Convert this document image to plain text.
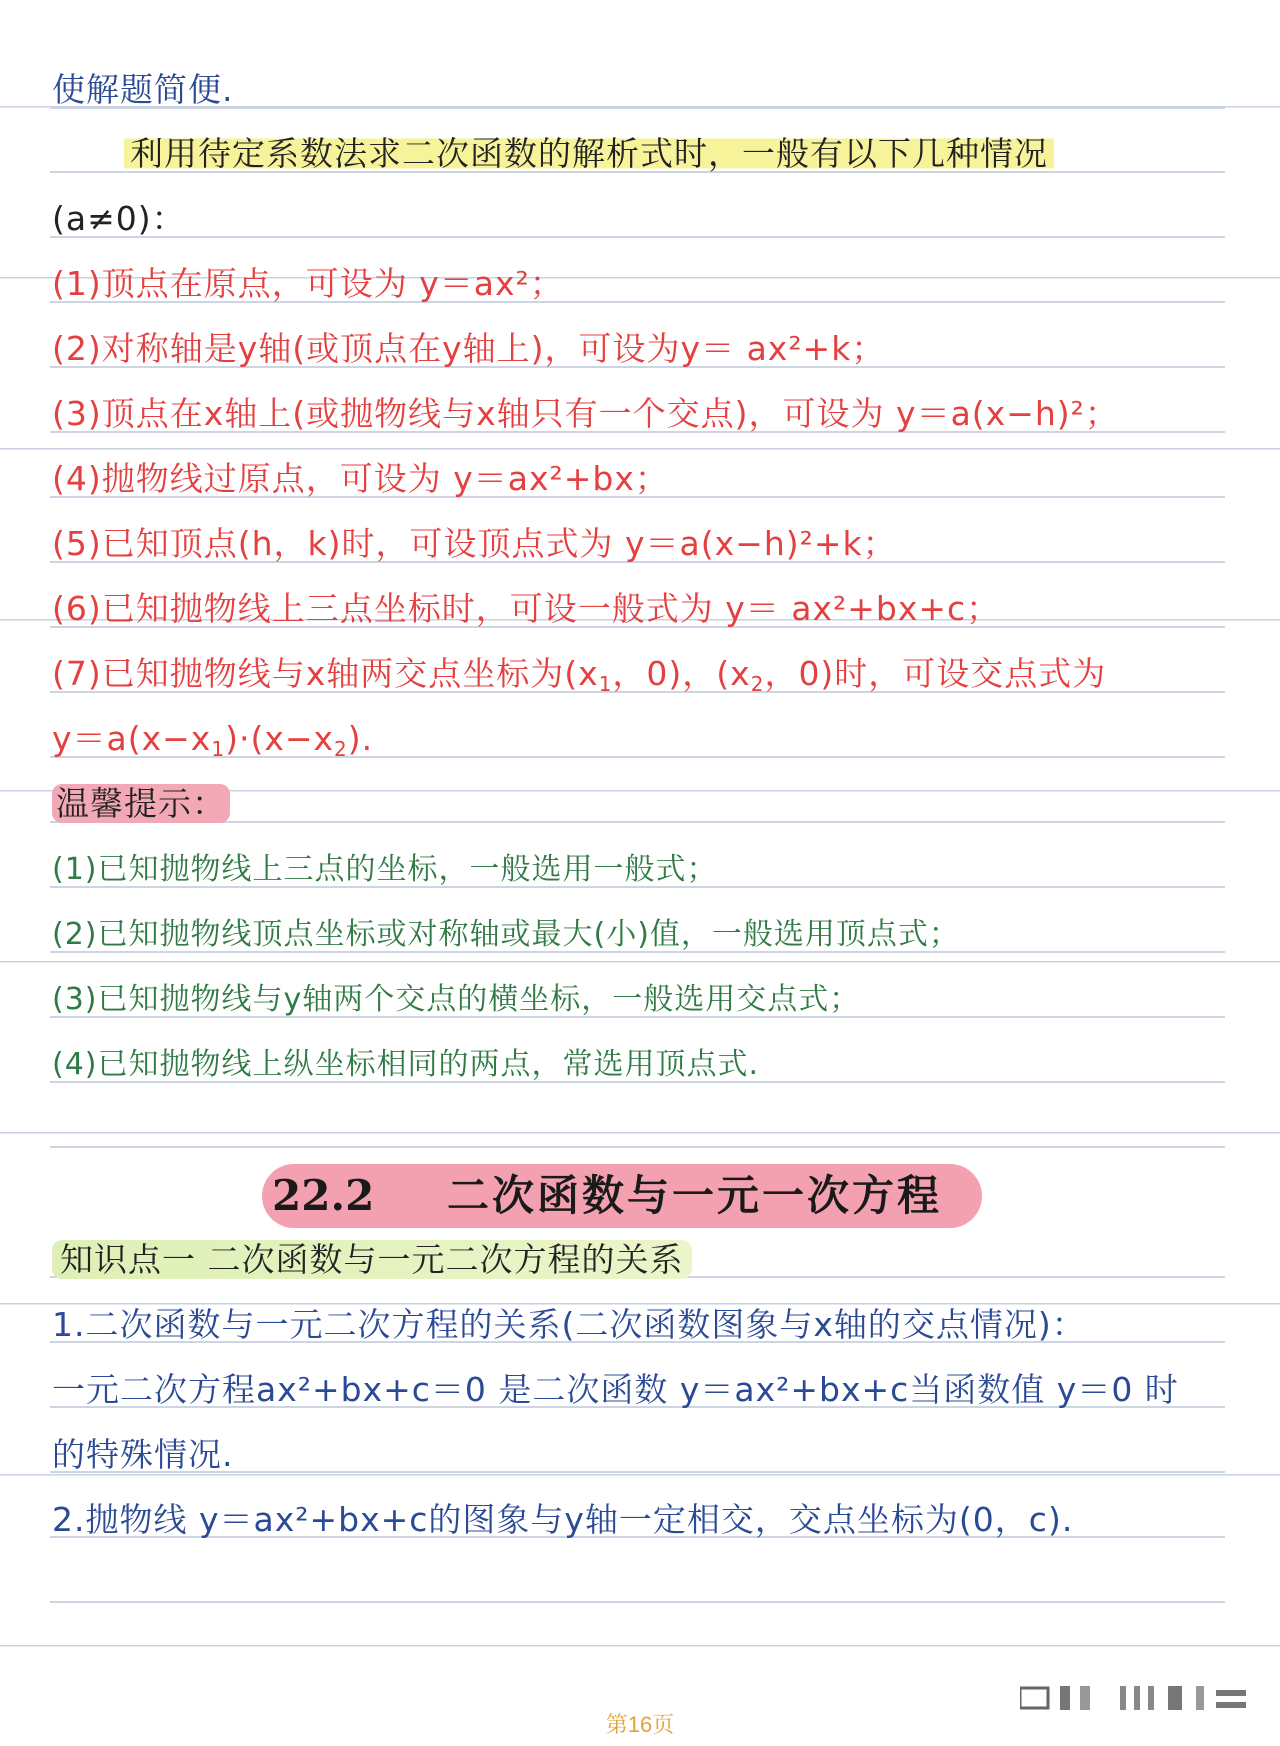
使解题简便.
利用待定系数法求二次函数的解析式时，一般有以下几种情况
(a≠0)：
(1)顶点在原点，可设为 y＝ax²；
(2)对称轴是y轴(或顶点在y轴上)，可设为y＝ ax²+k；
(3)顶点在x轴上(或抛物线与x轴只有一个交点)，可设为 y＝a(x−h)²；
(4)抛物线过原点，可设为 y＝ax²+bx；
(5)已知顶点(h，k)时，可设顶点式为 y＝a(x−h)²+k；
(6)已知抛物线上三点坐标时，可设一般式为 y＝ ax²+bx+c；
(7)已知抛物线与x轴两交点坐标为($x_1$，0)，($x_2$，0)时，可设交点式为
$y=a(x-x_1)\cdot(x-x_2)$.
温馨提示：
(1)已知抛物线上三点的坐标，一般选用一般式；
(2)已知抛物线顶点坐标或对称轴或最大(小)值，一般选用顶点式；
(3)已知抛物线与y轴两个交点的横坐标，一般选用交点式；
(4)已知抛物线上纵坐标相同的两点，常选用顶点式.
22.2 二次函数与一元一次方程
知识点一 二次函数与一元二次方程的关系
1.二次函数与一元二次方程的关系(二次函数图象与x轴的交点情况)：
一元二次方程ax²+bx+c＝0 是二次函数 y＝ax²+bx+c当函数值 y＝0 时
的特殊情况.
2.抛物线 y＝ax²+bx+c的图象与y轴一定相交，交点坐标为(0，c).
第16页
